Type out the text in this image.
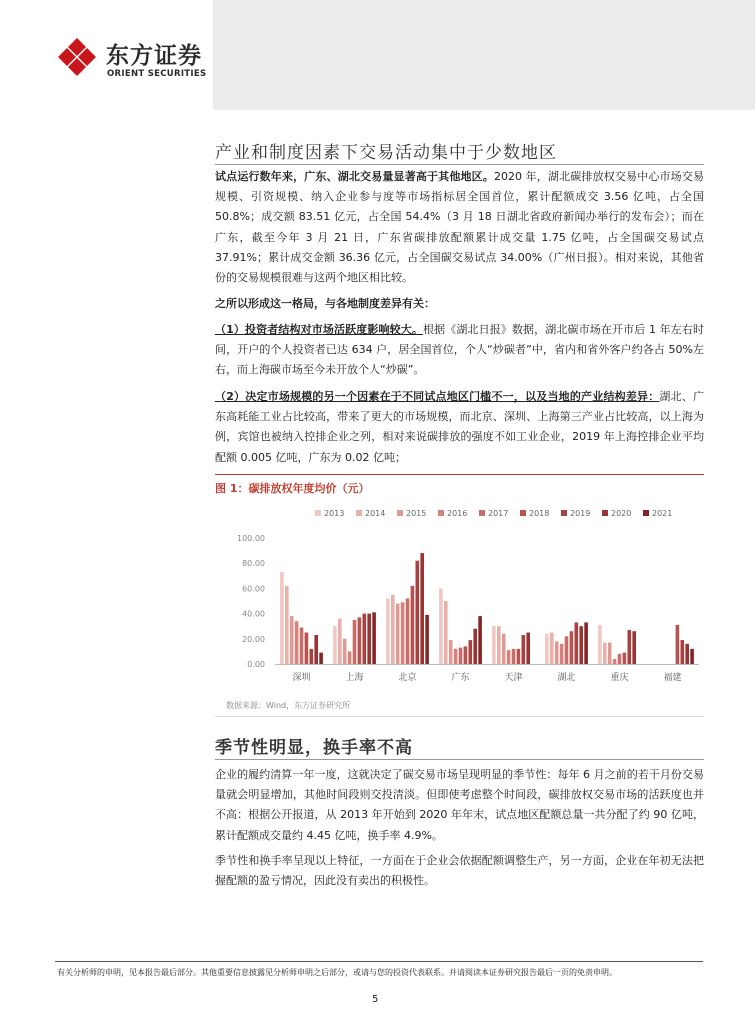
东方证券
ORIENT SECURITIES
产业和制度因素下交易活动集中于少数地区
试点运行数年来，广东、湖北交易量显著高于其他地区。2020 年，湖北碳排放权交易中心市场交易规模、引资规模、纳入企业参与度等市场指标居全国首位，累计配额成交 3.56 亿吨，占全国 50.8%；成交额 83.51 亿元，占全国 54.4%（3 月 18 日湖北省政府新闻办举行的发布会）；而在广东，截至今年 3 月 21 日，广东省碳排放配额累计成交量 1.75 亿吨，占全国碳交易试点 37.91%；累计成交金额 36.36 亿元，占全国碳交易试点 34.00%（广州日报）。相对来说，其他省份的交易规模很难与这两个地区相比较。
之所以形成这一格局，与各地制度差异有关：
（1）投资者结构对市场活跃度影响较大。根据《湖北日报》数据，湖北碳市场在开市后 1 年左右时间，开户的个人投资者已达 634 户，居全国首位，个人“炒碳者”中，省内和省外客户约各占 50%左右，而上海碳市场至今未开放个人“炒碳”。
（2）决定市场规模的另一个因素在于不同试点地区门槛不一，以及当地的产业结构差异：湖北、广东高耗能工业占比较高，带来了更大的市场规模，而北京、深圳、上海第三产业占比较高，以上海为例，宾馆也被纳入控排企业之列，相对来说碳排放的强度不如工业企业，2019 年上海控排企业平均配额 0.005 亿吨，广东为 0.02 亿吨；
图 1：碳排放权年度均价（元）
2013	2014	2015	2016	2017	2018	2019	2020	2021
0.00
20.00
40.00
60.00
80.00
100.00
深圳	上海	北京	广东	天津	湖北	重庆	福建
数据来源：Wind，东方证券研究所
季节性明显，换手率不高
企业的履约清算一年一度，这就决定了碳交易市场呈现明显的季节性：每年 6 月之前的若干月份交易量就会明显增加，其他时间段则交投清淡。但即使考虑整个时间段，碳排放权交易市场的活跃度也并不高：根据公开报道，从 2013 年开始到 2020 年年末，试点地区配额总量一共分配了约 90 亿吨，累计配额成交量约 4.45 亿吨，换手率 4.9%。
季节性和换手率呈现以上特征，一方面在于企业会依据配额调整生产，另一方面，企业在年初无法把握配额的盈亏情况，因此没有卖出的积极性。
有关分析师的申明，见本报告最后部分。其他重要信息披露见分析师申明之后部分，或请与您的投资代表联系。并请阅读本证券研究报告最后一页的免责申明。
5
